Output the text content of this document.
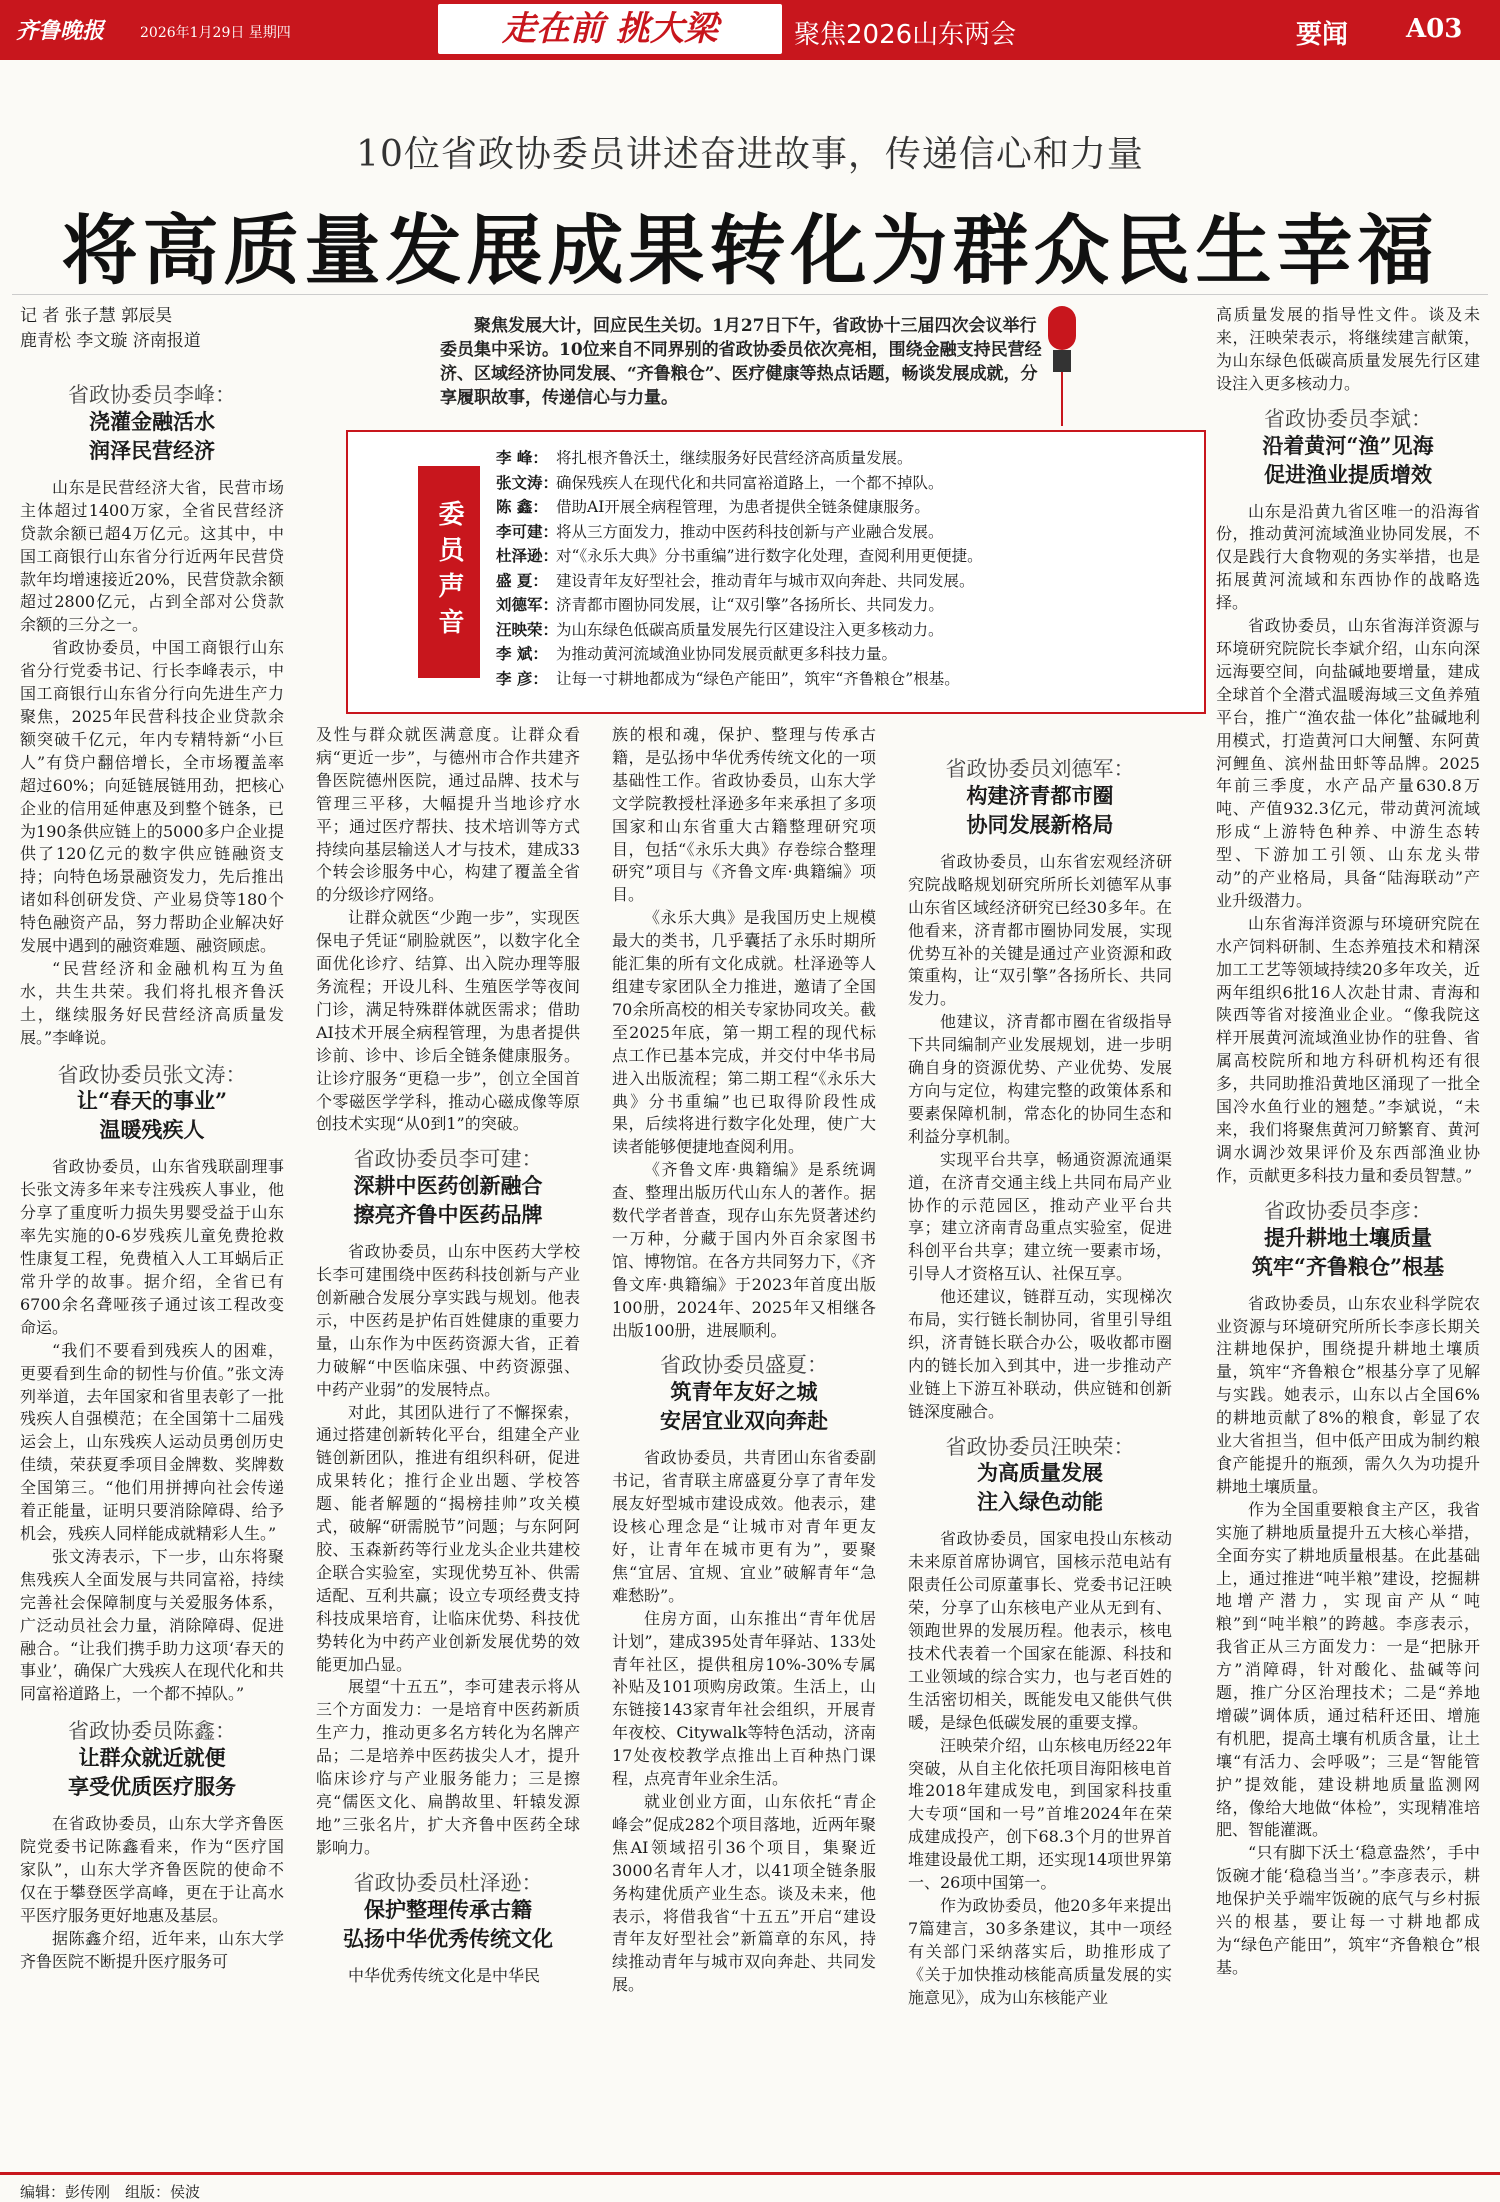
齐鲁晚报	2026年1月29日 星期四	走在前 挑大梁	聚焦2026山东两会	要闻 A03
10位省政协委员讲述奋进故事，传递信心和力量
将高质量发展成果转化为群众民生幸福
记 者 张子慧 郭辰昊
鹿青松 李文璇 济南报道
聚焦发展大计，回应民生关切。1月27日下午，省政协十三届四次会议举行委员集中采访。10位来自不同界别的省政协委员依次亮相，围绕金融支持民营经济、区域经济协同发展、“齐鲁粮仓”、医疗健康等热点话题，畅谈发展成就，分享履职故事，传递信心与力量。
委员声音
李 峰： 将扎根齐鲁沃土，继续服务好民营经济高质量发展。
张文涛：确保残疾人在现代化和共同富裕道路上，一个都不掉队。
陈 鑫： 借助AI开展全病程管理，为患者提供全链条健康服务。
李可建：将从三方面发力，推动中医药科技创新与产业融合发展。
杜泽逊：对“《永乐大典》分书重编”进行数字化处理，查阅利用更便捷。
盛 夏： 建设青年友好型社会，推动青年与城市双向奔赴、共同发展。
刘德军：济青都市圈协同发展，让“双引擎”各扬所长、共同发力。
汪映荣：为山东绿色低碳高质量发展先行区建设注入更多核动力。
李 斌： 为推动黄河流域渔业协同发展贡献更多科技力量。
李 彦： 让每一寸耕地都成为“绿色产能田”，筑牢“齐鲁粮仓”根基。
省政协委员李峰：
浇灌金融活水
润泽民营经济
山东是民营经济大省，民营市场主体超过1400万家，全省民营经济贷款余额已超4万亿元。这其中，中国工商银行山东省分行近两年民营贷款年均增速接近20%，民营贷款余额超过2800亿元，占到全部对公贷款余额的三分之一。
省政协委员，中国工商银行山东省分行党委书记、行长李峰表示，中国工商银行山东省分行向先进生产力聚焦，2025年民营科技企业贷款余额突破千亿元，年内专精特新“小巨人”有贷户翻倍增长，全市场覆盖率超过60%；向延链展链用劲，把核心企业的信用延伸惠及到整个链条，已为190条供应链上的5000多户企业提供了120亿元的数字供应链融资支持；向特色场景融资发力，先后推出诸如科创研发贷、产业易贷等180个特色融资产品，努力帮助企业解决好发展中遇到的融资难题、融资顾虑。
“民营经济和金融机构互为鱼水，共生共荣。我们将扎根齐鲁沃土，继续服务好民营经济高质量发展。”李峰说。
省政协委员张文涛：
让“春天的事业”
温暖残疾人
省政协委员，山东省残联副理事长张文涛多年来专注残疾人事业，他分享了重度听力损失男婴受益于山东率先实施的0-6岁残疾儿童免费抢救性康复工程，免费植入人工耳蜗后正常升学的故事。据介绍，全省已有6700余名聋哑孩子通过该工程改变命运。
“我们不要看到残疾人的困难，更要看到生命的韧性与价值。”张文涛列举道，去年国家和省里表彰了一批残疾人自强模范；在全国第十二届残运会上，山东残疾人运动员勇创历史佳绩，荣获夏季项目金牌数、奖牌数全国第三。“他们用拼搏向社会传递着正能量，证明只要消除障碍、给予机会，残疾人同样能成就精彩人生。”
张文涛表示，下一步，山东将聚焦残疾人全面发展与共同富裕，持续完善社会保障制度与关爱服务体系，广泛动员社会力量，消除障碍、促进融合。“让我们携手助力这项‘春天的事业’，确保广大残疾人在现代化和共同富裕道路上，一个都不掉队。”
省政协委员陈鑫：
让群众就近就便
享受优质医疗服务
在省政协委员，山东大学齐鲁医院党委书记陈鑫看来，作为“医疗国家队”，山东大学齐鲁医院的使命不仅在于攀登医学高峰，更在于让高水平医疗服务更好地惠及基层。
据陈鑫介绍，近年来，山东大学齐鲁医院不断提升医疗服务可
及性与群众就医满意度。让群众看病“更近一步”，与德州市合作共建齐鲁医院德州医院，通过品牌、技术与管理三平移，大幅提升当地诊疗水平；通过医疗帮扶、技术培训等方式持续向基层输送人才与技术，建成33个转会诊服务中心，构建了覆盖全省的分级诊疗网络。
让群众就医“少跑一步”，实现医保电子凭证“刷脸就医”，以数字化全面优化诊疗、结算、出入院办理等服务流程；开设儿科、生殖医学等夜间门诊，满足特殊群体就医需求；借助AI技术开展全病程管理，为患者提供诊前、诊中、诊后全链条健康服务。让诊疗服务“更稳一步”，创立全国首个零磁医学学科，推动心磁成像等原创技术实现“从0到1”的突破。
省政协委员李可建：
深耕中医药创新融合
擦亮齐鲁中医药品牌
省政协委员，山东中医药大学校长李可建围绕中医药科技创新与产业创新融合发展分享实践与规划。他表示，中医药是护佑百姓健康的重要力量，山东作为中医药资源大省，正着力破解“中医临床强、中药资源强、中药产业弱”的发展特点。
对此，其团队进行了不懈探索，通过搭建创新转化平台，组建全产业链创新团队，推进有组织科研，促进成果转化；推行企业出题、学校答题、能者解题的“揭榜挂帅”攻关模式，破解“研需脱节”问题；与东阿阿胶、玉森新药等行业龙头企业共建校企联合实验室，实现优势互补、供需适配、互利共赢；设立专项经费支持科技成果培育，让临床优势、科技优势转化为中药产业创新发展优势的效能更加凸显。
展望“十五五”，李可建表示将从三个方面发力：一是培育中医药新质生产力，推动更多名方转化为名牌产品；二是培养中医药拔尖人才，提升临床诊疗与产业服务能力；三是擦亮“儒医文化、扁鹊故里、轩辕发源地”三张名片，扩大齐鲁中医药全球影响力。
省政协委员杜泽逊：
保护整理传承古籍
弘扬中华优秀传统文化
中华优秀传统文化是中华民
族的根和魂，保护、整理与传承古籍，是弘扬中华优秀传统文化的一项基础性工作。省政协委员，山东大学文学院教授杜泽逊多年来承担了多项国家和山东省重大古籍整理研究项目，包括“《永乐大典》存卷综合整理研究”项目与《齐鲁文库·典籍编》项目。
《永乐大典》是我国历史上规模最大的类书，几乎囊括了永乐时期所能汇集的所有文化成就。杜泽逊等人组建专家团队全力推进，邀请了全国70余所高校的相关专家协同攻关。截至2025年底，第一期工程的现代标点工作已基本完成，并交付中华书局进入出版流程；第二期工程“《永乐大典》分书重编”也已取得阶段性成果，后续将进行数字化处理，使广大读者能够便捷地查阅利用。
《齐鲁文库·典籍编》是系统调查、整理出版历代山东人的著作。据数代学者普查，现存山东先贤著述约一万种，分藏于国内外百余家图书馆、博物馆。在各方共同努力下，《齐鲁文库·典籍编》于2023年首度出版100册，2024年、2025年又相继各出版100册，进展顺利。
省政协委员盛夏：
筑青年友好之城
安居宜业双向奔赴
省政协委员，共青团山东省委副书记，省青联主席盛夏分享了青年发展友好型城市建设成效。他表示，建设核心理念是“让城市对青年更友好，让青年在城市更有为”，要聚焦“宜居、宜规、宜业”破解青年“急难愁盼”。
住房方面，山东推出“青年优居计划”，建成395处青年驿站、133处青年社区，提供租房10%-30%专属补贴及101项购房政策。生活上，山东链接143家青年社会组织，开展青年夜校、Citywalk等特色活动，济南17处夜校教学点推出上百种热门课程，点亮青年业余生活。
就业创业方面，山东依托“青企峰会”促成282个项目落地，近两年聚焦AI领域招引36个项目，集聚近3000名青年人才，以41项全链条服务构建优质产业生态。谈及未来，他表示，将借我省“十五五”开启“建设青年友好型社会”新篇章的东风，持续推动青年与城市双向奔赴、共同发展。
省政协委员刘德军：
构建济青都市圈
协同发展新格局
省政协委员，山东省宏观经济研究院战略规划研究所所长刘德军从事山东省区域经济研究已经30多年。在他看来，济青都市圈协同发展，实现优势互补的关键是通过产业资源和政策重构，让“双引擎”各扬所长、共同发力。
他建议，济青都市圈在省级指导下共同编制产业发展规划，进一步明确自身的资源优势、产业优势、发展方向与定位，构建完整的政策体系和要素保障机制，常态化的协同生态和利益分享机制。
实现平台共享，畅通资源流通渠道，在济青交通主线上共同布局产业协作的示范园区，推动产业平台共享；建立济南青岛重点实验室，促进科创平台共享；建立统一要素市场，引导人才资格互认、社保互享。
他还建议，链群互动，实现梯次布局，实行链长制协同，省里引导组织，济青链长联合办公，吸收都市圈内的链长加入到其中，进一步推动产业链上下游互补联动，供应链和创新链深度融合。
省政协委员汪映荣：
为高质量发展
注入绿色动能
省政协委员，国家电投山东核动未来原首席协调官，国核示范电站有限责任公司原董事长、党委书记汪映荣，分享了山东核电产业从无到有、领跑世界的发展历程。他表示，核电技术代表着一个国家在能源、科技和工业领域的综合实力，也与老百姓的生活密切相关，既能发电又能供气供暖，是绿色低碳发展的重要支撑。
汪映荣介绍，山东核电历经22年突破，从自主化依托项目海阳核电首堆2018年建成发电，到国家科技重大专项“国和一号”首堆2024年在荣成建成投产，创下68.3个月的世界首堆建设最优工期，还实现14项世界第一、26项中国第一。
作为政协委员，他20多年来提出7篇建言，30多条建议，其中一项经有关部门采纳落实后，助推形成了《关于加快推动核能高质量发展的实施意见》，成为山东核能产业
高质量发展的指导性文件。谈及未来，汪映荣表示，将继续建言献策，为山东绿色低碳高质量发展先行区建设注入更多核动力。
省政协委员李斌：
沿着黄河“渔”见海
促进渔业提质增效
山东是沿黄九省区唯一的沿海省份，推动黄河流域渔业协同发展，不仅是践行大食物观的务实举措，也是拓展黄河流域和东西协作的战略选择。
省政协委员，山东省海洋资源与环境研究院院长李斌介绍，山东向深远海要空间，向盐碱地要增量，建成全球首个全潜式温暖海域三文鱼养殖平台，推广“渔农盐一体化”盐碱地利用模式，打造黄河口大闸蟹、东阿黄河鲤鱼、滨州盐田虾等品牌。2025年前三季度，水产品产量630.8万吨、产值932.3亿元，带动黄河流域形成“上游特色种养、中游生态转型、下游加工引领、山东龙头带动”的产业格局，具备“陆海联动”产业升级潜力。
山东省海洋资源与环境研究院在水产饲料研制、生态养殖技术和精深加工工艺等领域持续20多年攻关，近两年组织6批16人次赴甘肃、青海和陕西等省对接渔业企业。“像我院这样开展黄河流域渔业协作的驻鲁、省属高校院所和地方科研机构还有很多，共同助推沿黄地区涌现了一批全国冷水鱼行业的翘楚。”李斌说，“未来，我们将聚焦黄河刀鲚繁育、黄河调水调沙效果评价及东西部渔业协作，贡献更多科技力量和委员智慧。”
省政协委员李彦：
提升耕地土壤质量
筑牢“齐鲁粮仓”根基
省政协委员，山东农业科学院农业资源与环境研究所所长李彦长期关注耕地保护，围绕提升耕地土壤质量，筑牢“齐鲁粮仓”根基分享了见解与实践。她表示，山东以占全国6%的耕地贡献了8%的粮食，彰显了农业大省担当，但中低产田成为制约粮食产能提升的瓶颈，需久久为功提升耕地土壤质量。
作为全国重要粮食主产区，我省实施了耕地质量提升五大核心举措，全面夯实了耕地质量根基。在此基础上，通过推进“吨半粮”建设，挖掘耕地增产潜力，实现亩产从“吨粮”到“吨半粮”的跨越。李彦表示，我省正从三方面发力：一是“把脉开方”消障碍，针对酸化、盐碱等问题，推广分区治理技术；二是“养地增碳”调体质，通过秸秆还田、增施有机肥，提高土壤有机质含量，让土壤“有活力、会呼吸”；三是“智能管护”提效能，建设耕地质量监测网络，像给大地做“体检”，实现精准培肥、智能灌溉。
“只有脚下沃土‘稳意盎然’，手中饭碗才能‘稳稳当当’。”李彦表示，耕地保护关乎端牢饭碗的底气与乡村振兴的根基，要让每一寸耕地都成为“绿色产能田”，筑牢“齐鲁粮仓”根基。
编辑：彭传刚　组版：侯波
